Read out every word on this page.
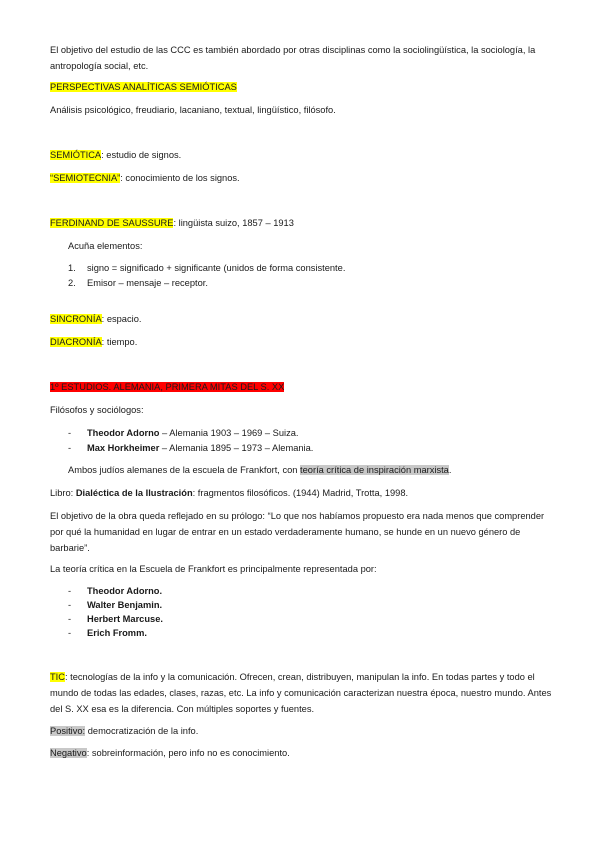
El objetivo del estudio de las CCC es también abordado por otras disciplinas como la sociolingüística, la sociología, la antropología social, etc.
PERSPECTIVAS ANALÍTICAS SEMIÓTICAS
Análisis psicológico, freudiario, lacaniano, textual, lingüístico, filósofo.
SEMIÓTICA: estudio de signos.
“SEMIOTECNIA”: conocimiento de los signos.
FERDINAND DE SAUSSURE: lingüista suizo, 1857 – 1913
Acuña elementos:
1.	signo = significado + significante (unidos de forma consistente.
2.	Emisor – mensaje – receptor.
SINCRONÍA: espacio.
DIACRONÍA: tiempo.
1º ESTUDIOS. ALEMANIA, PRIMERA MITAS DEL S. XX
Filósofos y sociólogos:
-	Theodor Adorno – Alemania 1903 – 1969 – Suiza.
-	Max Horkheimer – Alemania 1895 – 1973 – Alemania.
Ambos judíos alemanes de la escuela de Frankfort, con teoría crítica de inspiración marxista.
Libro: Dialéctica de la Ilustración: fragmentos filosóficos. (1944) Madrid, Trotta, 1998.
El objetivo de la obra queda reflejado en su prólogo: “Lo que nos habíamos propuesto era nada menos que comprender por qué la humanidad en lugar de entrar en un estado verdaderamente humano, se hunde en un nuevo género de barbarie”.
La teoría crítica en la Escuela de Frankfort es principalmente representada por:
-	Theodor Adorno.
-	Walter Benjamin.
-	Herbert Marcuse.
-	Erich Fromm.
TIC: tecnologías de la info y la comunicación. Ofrecen, crean, distribuyen, manipulan la info. En todas partes y todo el mundo de todas las edades, clases, razas, etc. La info y comunicación caracterizan nuestra época, nuestro mundo. Antes del S. XX esa es la diferencia. Con múltiples soportes y fuentes.
Positivo: democratización de la info.
Negativo: sobreinformación, pero info no es conocimiento.
